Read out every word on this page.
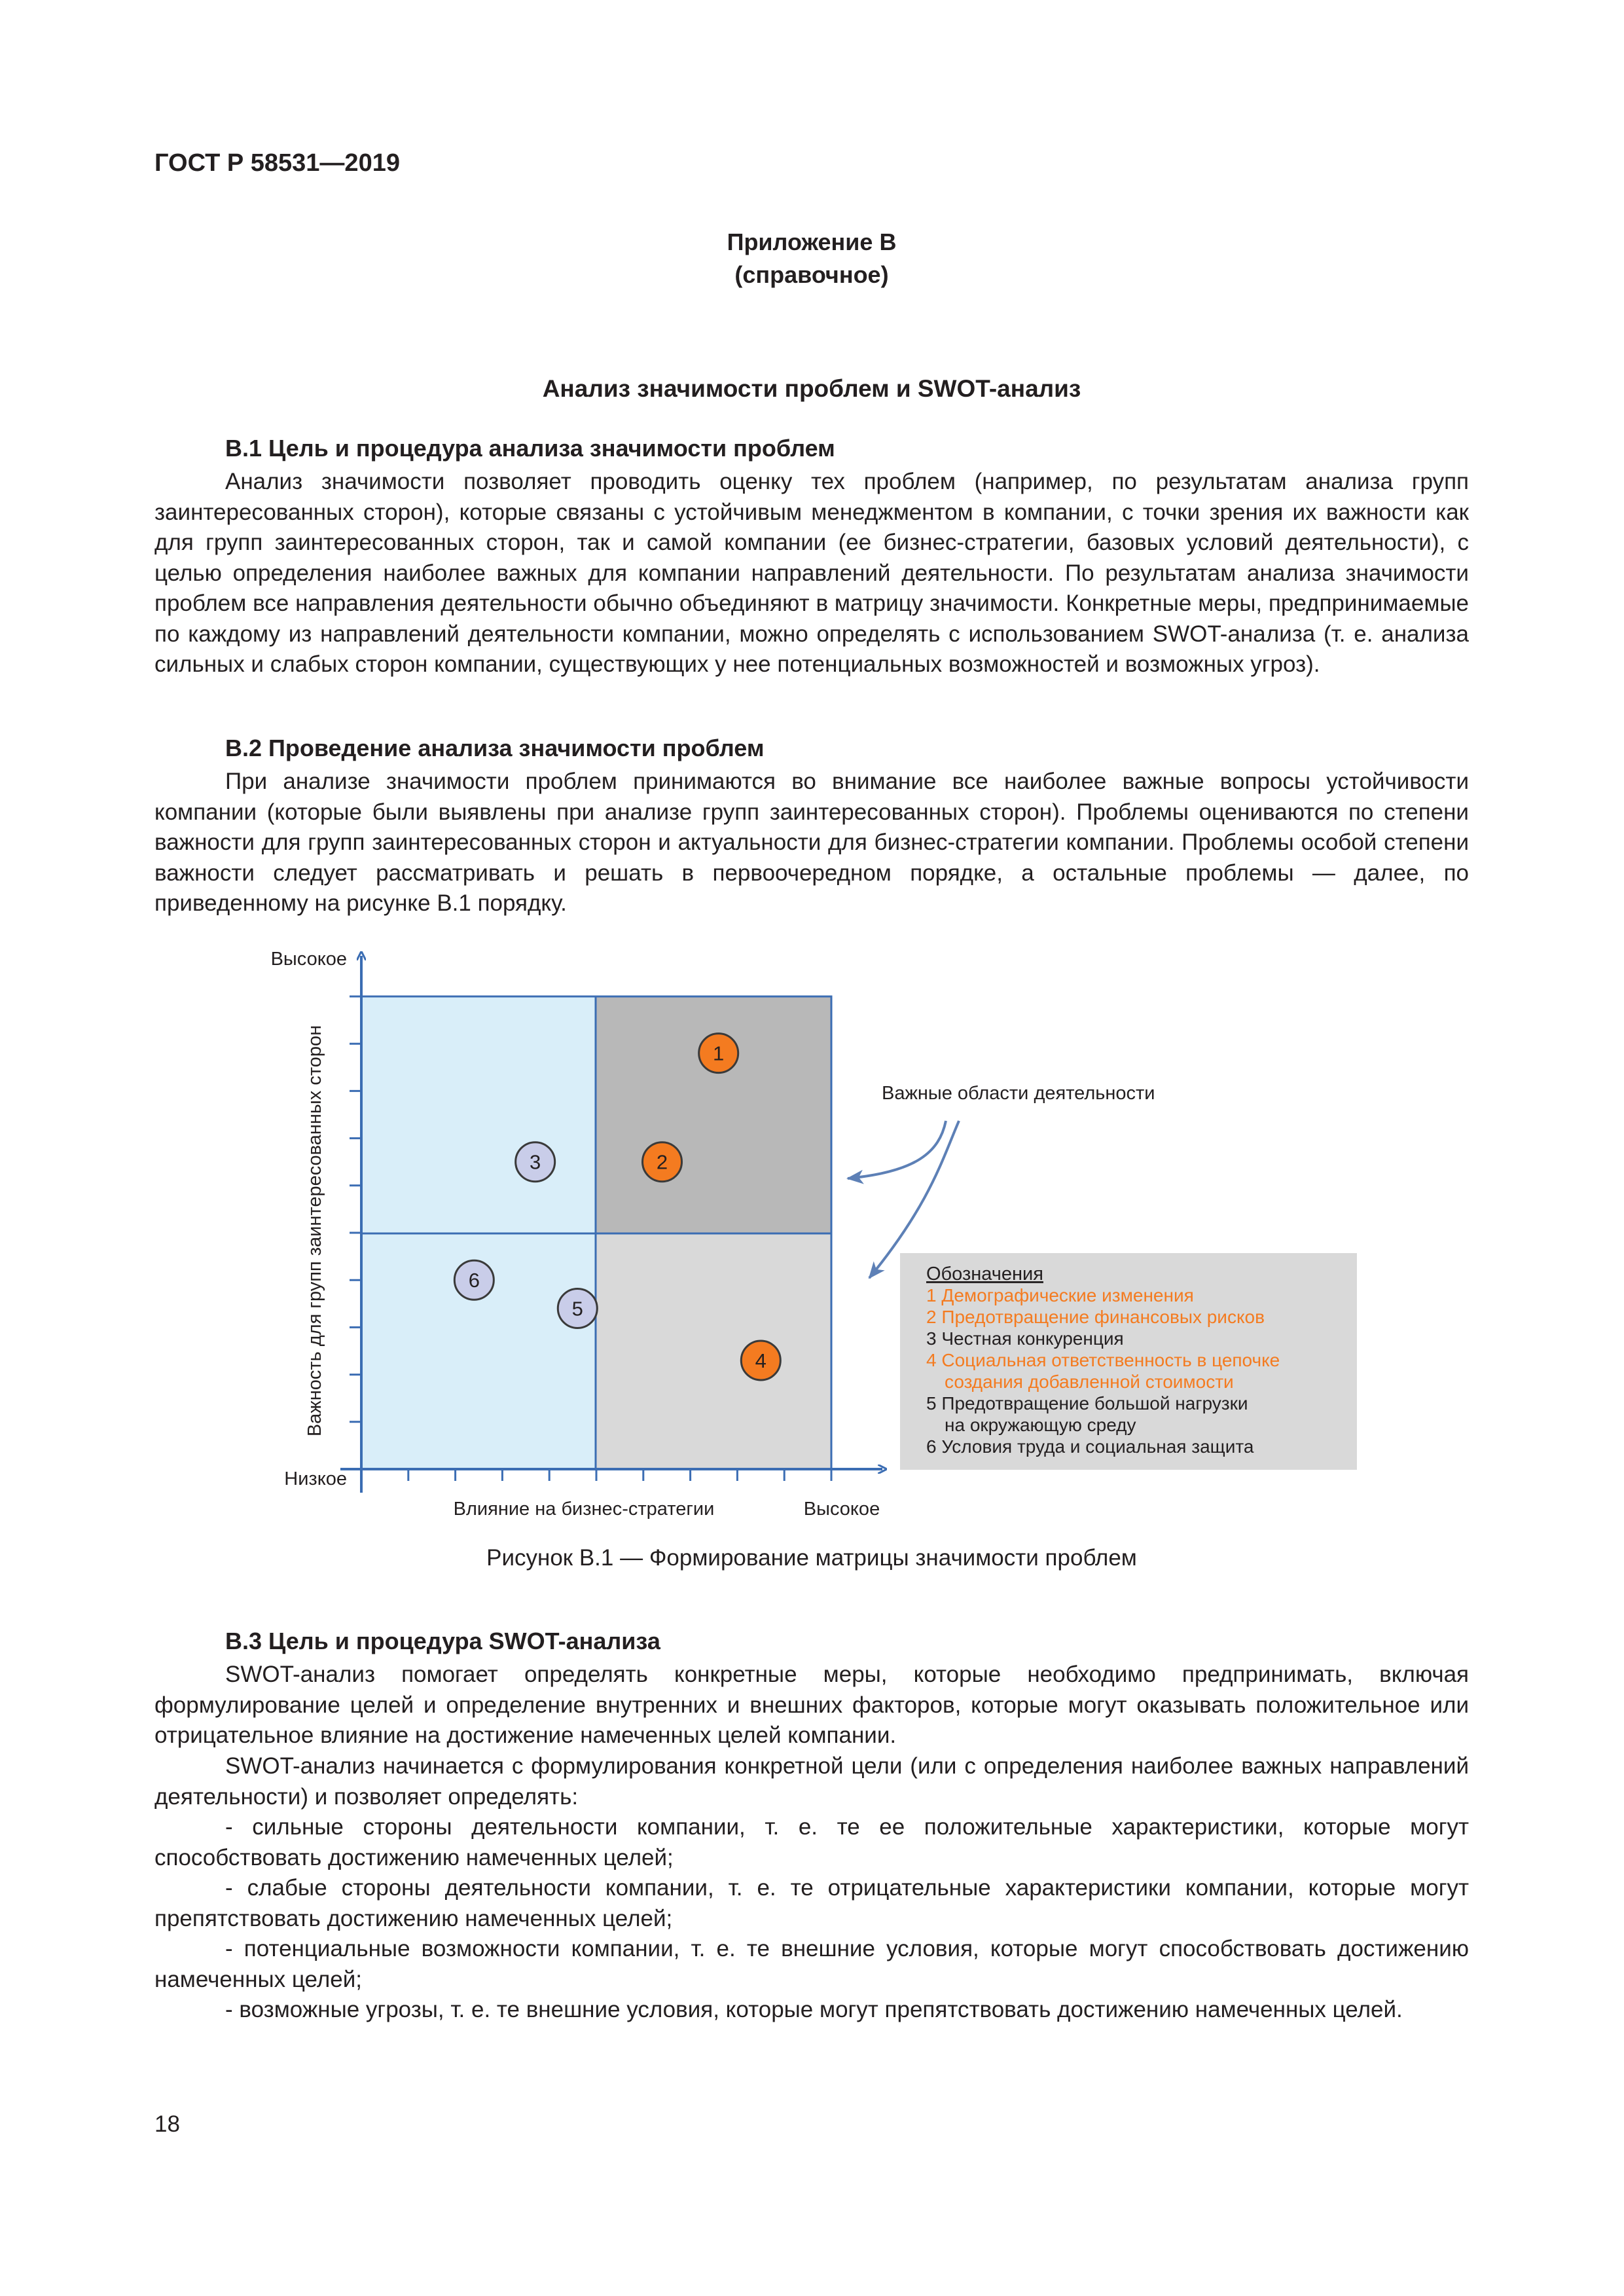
ГОСТ Р 58531—2019
Приложение В
(справочное)
Анализ значимости проблем и SWOT-анализ
В.1 Цель и процедура анализа значимости проблем
Анализ значимости позволяет проводить оценку тех проблем (например, по результатам анализа групп заинтересованных сторон), которые связаны с устойчивым менеджментом в компании, с точки зрения их важности как для групп заинтересованных сторон, так и самой компании (ее бизнес-стратегии, базовых условий деятельности), с целью определения наиболее важных для компании направлений деятельности. По результатам анализа значимости проблем все направления деятельности обычно объединяют в матрицу значимости. Конкретные меры, предпринимаемые по каждому из направлений деятельности компании, можно определять с использованием SWOT-анализа (т. е. анализа сильных и слабых сторон компании, существующих у нее потенциальных возможностей и возможных угроз).
В.2 Проведение анализа значимости проблем
При анализе значимости проблем принимаются во внимание все наиболее важные вопросы устойчивости компании (которые были выявлены при анализе групп заинтересованных сторон). Проблемы оцениваются по степени важности для групп заинтересованных сторон и актуальности для бизнес-стратегии компании. Проблемы особой степени важности следует рассматривать и решать в первоочередном порядке, а остальные проблемы — далее, по приведенному на рисунке В.1 порядку.
Высокое
Низкое
Высокое
Влияние на бизнес-стратегии
Важность для групп заинтересованных сторон	1
2
3
4
5
6
Важные области деятельности
Обозначения
1 Демографические изменения
2 Предотвращение финансовых рисков
3 Честная конкуренция
4 Социальная ответственность в цепочке
создания добавленной стоимости
5 Предотвращение большой нагрузки
на окружающую среду
6 Условия труда и социальная защита
Рисунок В.1 — Формирование матрицы значимости проблем
В.3 Цель и процедура SWOT-анализа
SWOT-анализ помогает определять конкретные меры, которые необходимо предпринимать, включая формулирование целей и определение внутренних и внешних факторов, которые могут оказывать положительное или отрицательное влияние на достижение намеченных целей компании.
SWOT-анализ начинается с формулирования конкретной цели (или с определения наиболее важных направлений деятельности) и позволяет определять:
- сильные стороны деятельности компании, т. е. те ее положительные характеристики, которые могут способствовать достижению намеченных целей;
- слабые стороны деятельности компании, т. е. те отрицательные характеристики компании, которые могут препятствовать достижению намеченных целей;
- потенциальные возможности компании, т. е. те внешние условия, которые могут способствовать достижению намеченных целей;
- возможные угрозы, т. е. те внешние условия, которые могут препятствовать достижению намеченных целей.
18
